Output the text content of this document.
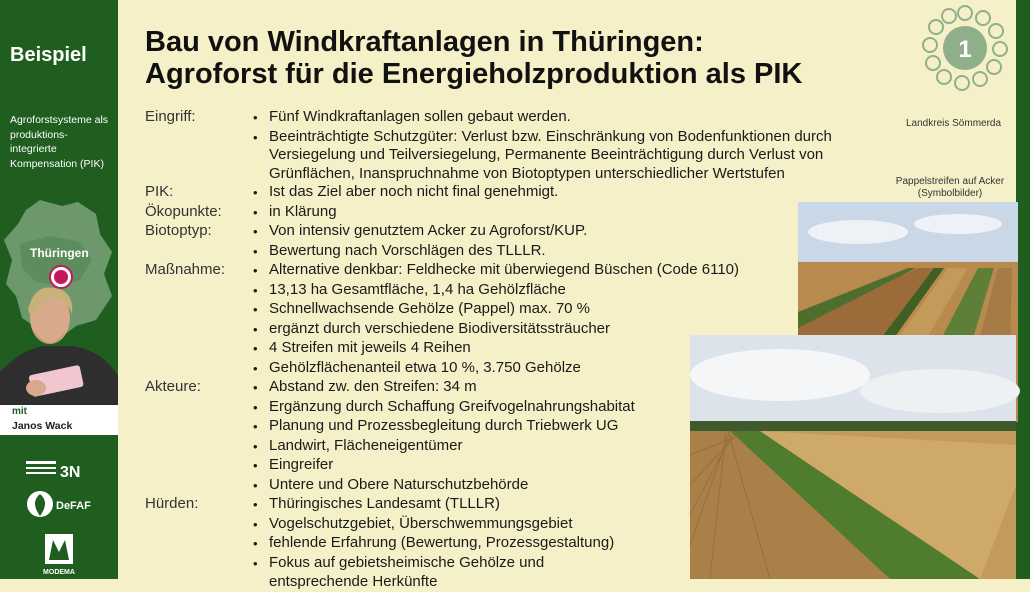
Beispiel
Agroforstsysteme als produktions-integrierte Kompensation (PIK)
Thüringen
mit
Janos Wack
3N
DeFAF
MODEMA
Bau von Windkraftanlagen in Thüringen:
Agroforst für die Energieholzproduktion als PIK
1
Landkreis Sömmerda
Pappelstreifen auf Acker (Symbolbilder)
Eingriff:	• Fünf Windkraftanlagen sollen gebaut werden.
• Beeinträchtigte Schutzgüter: Verlust bzw. Einschränkung von Bodenfunktionen durch Versiegelung und Teilversiegelung, Permanente Beeinträchtigung durch Verlust von Grünflächen, Inanspruchnahme von Biotoptypen unterschiedlicher Wertstufen
PIK:	• Ist das Ziel aber noch nicht final genehmigt.
Ökopunkte:	• in Klärung
Biotoptyp:	• Von intensiv genutztem Acker zu Agroforst/KUP.
• Bewertung nach Vorschlägen des TLLLR.
Maßnahme:	• Alternative denkbar: Feldhecke mit überwiegend Büschen (Code 6110)
• 13,13 ha Gesamtfläche, 1,4 ha Gehölzfläche
• Schnellwachsende Gehölze (Pappel) max. 70 %
• ergänzt durch verschiedene Biodiversitätssträucher
• 4 Streifen mit jeweils 4 Reihen
• Gehölzflächenanteil etwa 10 %, 3.750 Gehölze
Akteure:	• Abstand zw. den Streifen: 34 m
• Ergänzung durch Schaffung Greifvogelnahrungshabitat
• Planung und Prozessbegleitung durch Triebwerk UG
• Landwirt, Flächeneigentümer
• Eingreifer
• Untere und Obere Naturschutzbehörde
Hürden:	• Thüringisches Landesamt (TLLLR)
• Vogelschutzgebiet, Überschwemmungsgebiet
• fehlende Erfahrung (Bewertung, Prozessgestaltung)
• Fokus auf gebietsheimische Gehölze und
entsprechende Herkünfte
